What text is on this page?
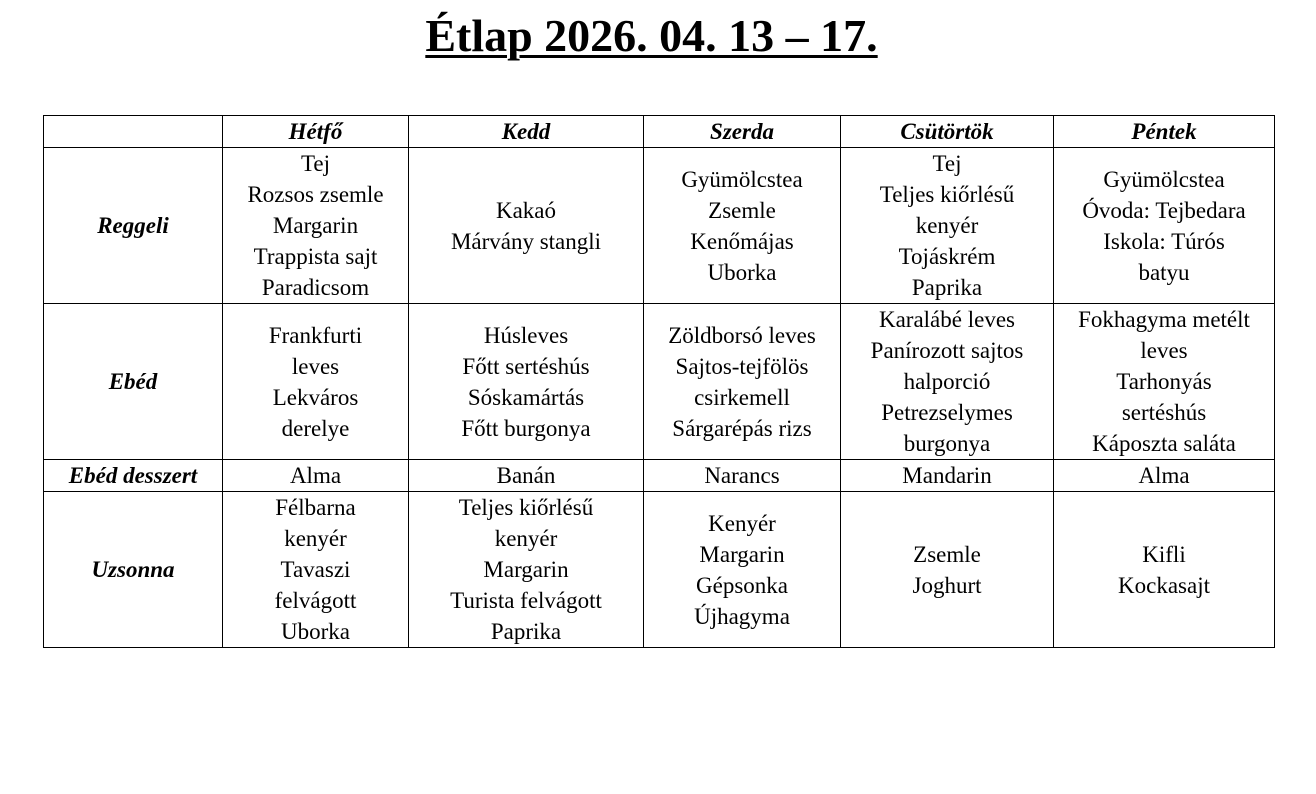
Étlap 2026. 04. 13 – 17.
	Hétfő	Kedd	Szerda	Csütörtök	Péntek
Reggeli	Tej
Rozsos zsemle
Margarin
Trappista sajt
Paradicsom	Kakaó
Márvány stangli	Gyümölcstea
Zsemle
Kenőmájas
Uborka	Tej
Teljes kiőrlésű
kenyér
Tojáskrém
Paprika	Gyümölcstea
Óvoda: Tejbedara
Iskola: Túrós
batyu

Ebéd	Frankfurti
leves
Lekváros
derelye	Húsleves
Főtt sertéshús
Sóskamártás
Főtt burgonya	Zöldborsó leves
Sajtos-tejfölös
csirkemell
Sárgarépás rizs	Karalábé leves
Panírozott sajtos
halporció
Petrezselymes
burgonya	Fokhagyma metélt
leves
Tarhonyás
sertéshús
Káposzta saláta

Ebéd desszert	Alma	Banán	Narancs	Mandarin	Alma

Uzsonna	Félbarna
kenyér
Tavaszi
felvágott
Uborka	Teljes kiőrlésű
kenyér
Margarin
Turista felvágott
Paprika	Kenyér
Margarin
Gépsonka
Újhagyma	Zsemle
Joghurt	Kifli
Kockasajt
